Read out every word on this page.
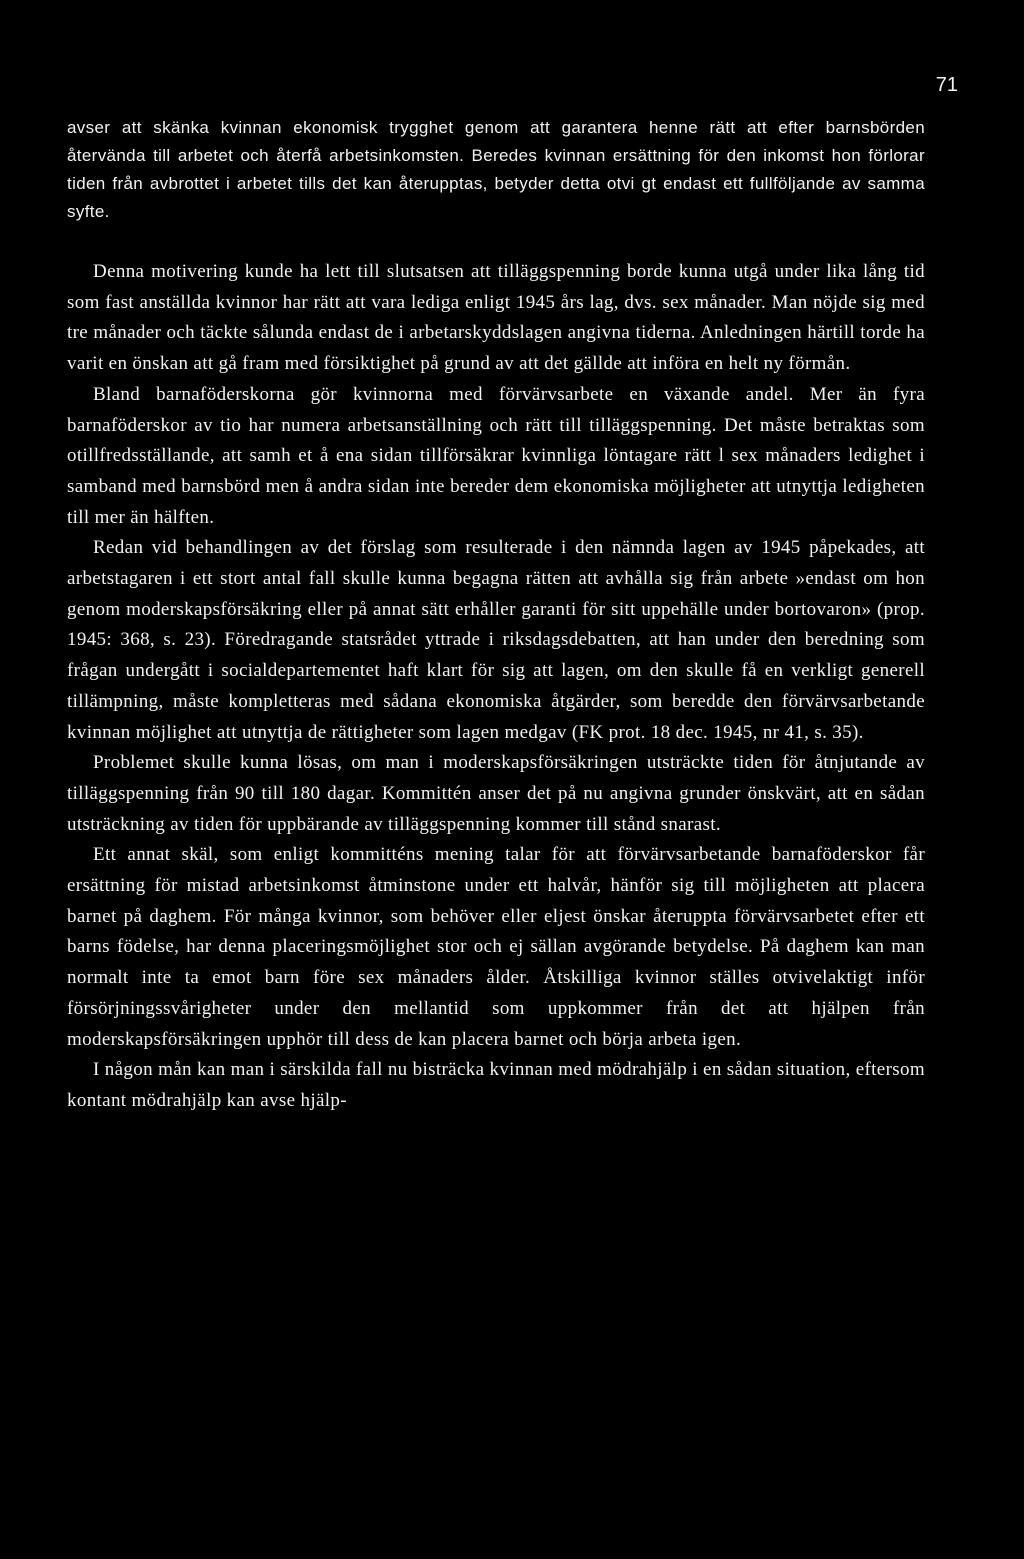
71

avser att skänka kvinnan ekonomisk trygghet genom att garantera henne rätt att efter barnsbörden återvända till arbetet och återfå arbetsinkomsten. Beredes kvinnan ersättning för den inkomst hon förlorar tiden från avbrottet i arbetet tills det kan återupptas, betyder detta otvi gt endast ett fullföljande av samma syfte.

Denna motivering kunde ha lett till slutsatsen att tilläggspenning borde kunna utgå under lika lång tid som fast anställda kvinnor har rätt att vara lediga enligt 1945 års lag, dvs. sex månader. Man nöjde sig med tre månader och täckte sålunda endast de i arbetarskyddslagen angivna tiderna. Anledningen härtill torde ha varit en önskan att gå fram med försiktighet på grund av att det gällde att införa en helt ny förmån.

Bland barnaföderskorna gör kvinnorna med förvärvsarbete en växande andel. Mer än fyra barnaföderskor av tio har numera arbetsanställning och rätt till tilläggspenning. Det måste betraktas som otillfredsställande, att samh et å ena sidan tillförsäkrar kvinnliga löntagare rätt l sex månaders ledighet i samband med barnsbörd men å andra sidan inte bereder dem ekonomiska möjligheter att utnyttja ledigheten till mer än hälften.

Redan vid behandlingen av det förslag som resulterade i den nämnda lagen av 1945 påpekades, att arbetstagaren i ett stort antal fall skulle kunna begagna rätten att avhålla sig från arbete »endast om hon genom moderskapsförsäkring eller på annat sätt erhåller garanti för sitt uppehälle under bortovaron» (prop. 1945: 368, s. 23). Föredragande statsrådet yttrade i riksdagsdebatten, att han under den beredning som frågan undergått i socialdepartementet haft klart för sig att lagen, om den skulle få en verkligt generell tillämpning, måste kompletteras med sådana ekonomiska åtgärder, som beredde den förvärvsarbetande kvinnan möjlighet att utnyttja de rättigheter som lagen medgav (FK prot. 18 dec. 1945, nr 41, s. 35).

Problemet skulle kunna lösas, om man i moderskapsförsäkringen utsträckte tiden för åtnjutande av tilläggspenning från 90 till 180 dagar. Kommittén anser det på nu angivna grunder önskvärt, att en sådan utsträckning av tiden för uppbärande av tilläggspenning kommer till stånd snarast.

Ett annat skäl, som enligt kommitténs mening talar för att förvärvsarbetande barnaföderskor får ersättning för mistad arbetsinkomst åtminstone under ett halvår, hänför sig till möjligheten att placera barnet på daghem. För många kvinnor, som behöver eller eljest önskar återuppta förvärvsarbetet efter ett barns födelse, har denna placeringsmöjlighet stor och ej sällan avgörande betydelse. På daghem kan man normalt inte ta emot barn före sex månaders ålder. Åtskilliga kvinnor ställes otvivelaktigt inför försörjningssvårigheter under den mellantid som uppkommer från det att hjälpen från moderskapsförsäkringen upphör till dess de kan placera barnet och börja arbeta igen.

I någon mån kan man i särskilda fall nu bisträcka kvinnan med mödrahjälp i en sådan situation, eftersom kontant mödrahjälp kan avse hjälp-
